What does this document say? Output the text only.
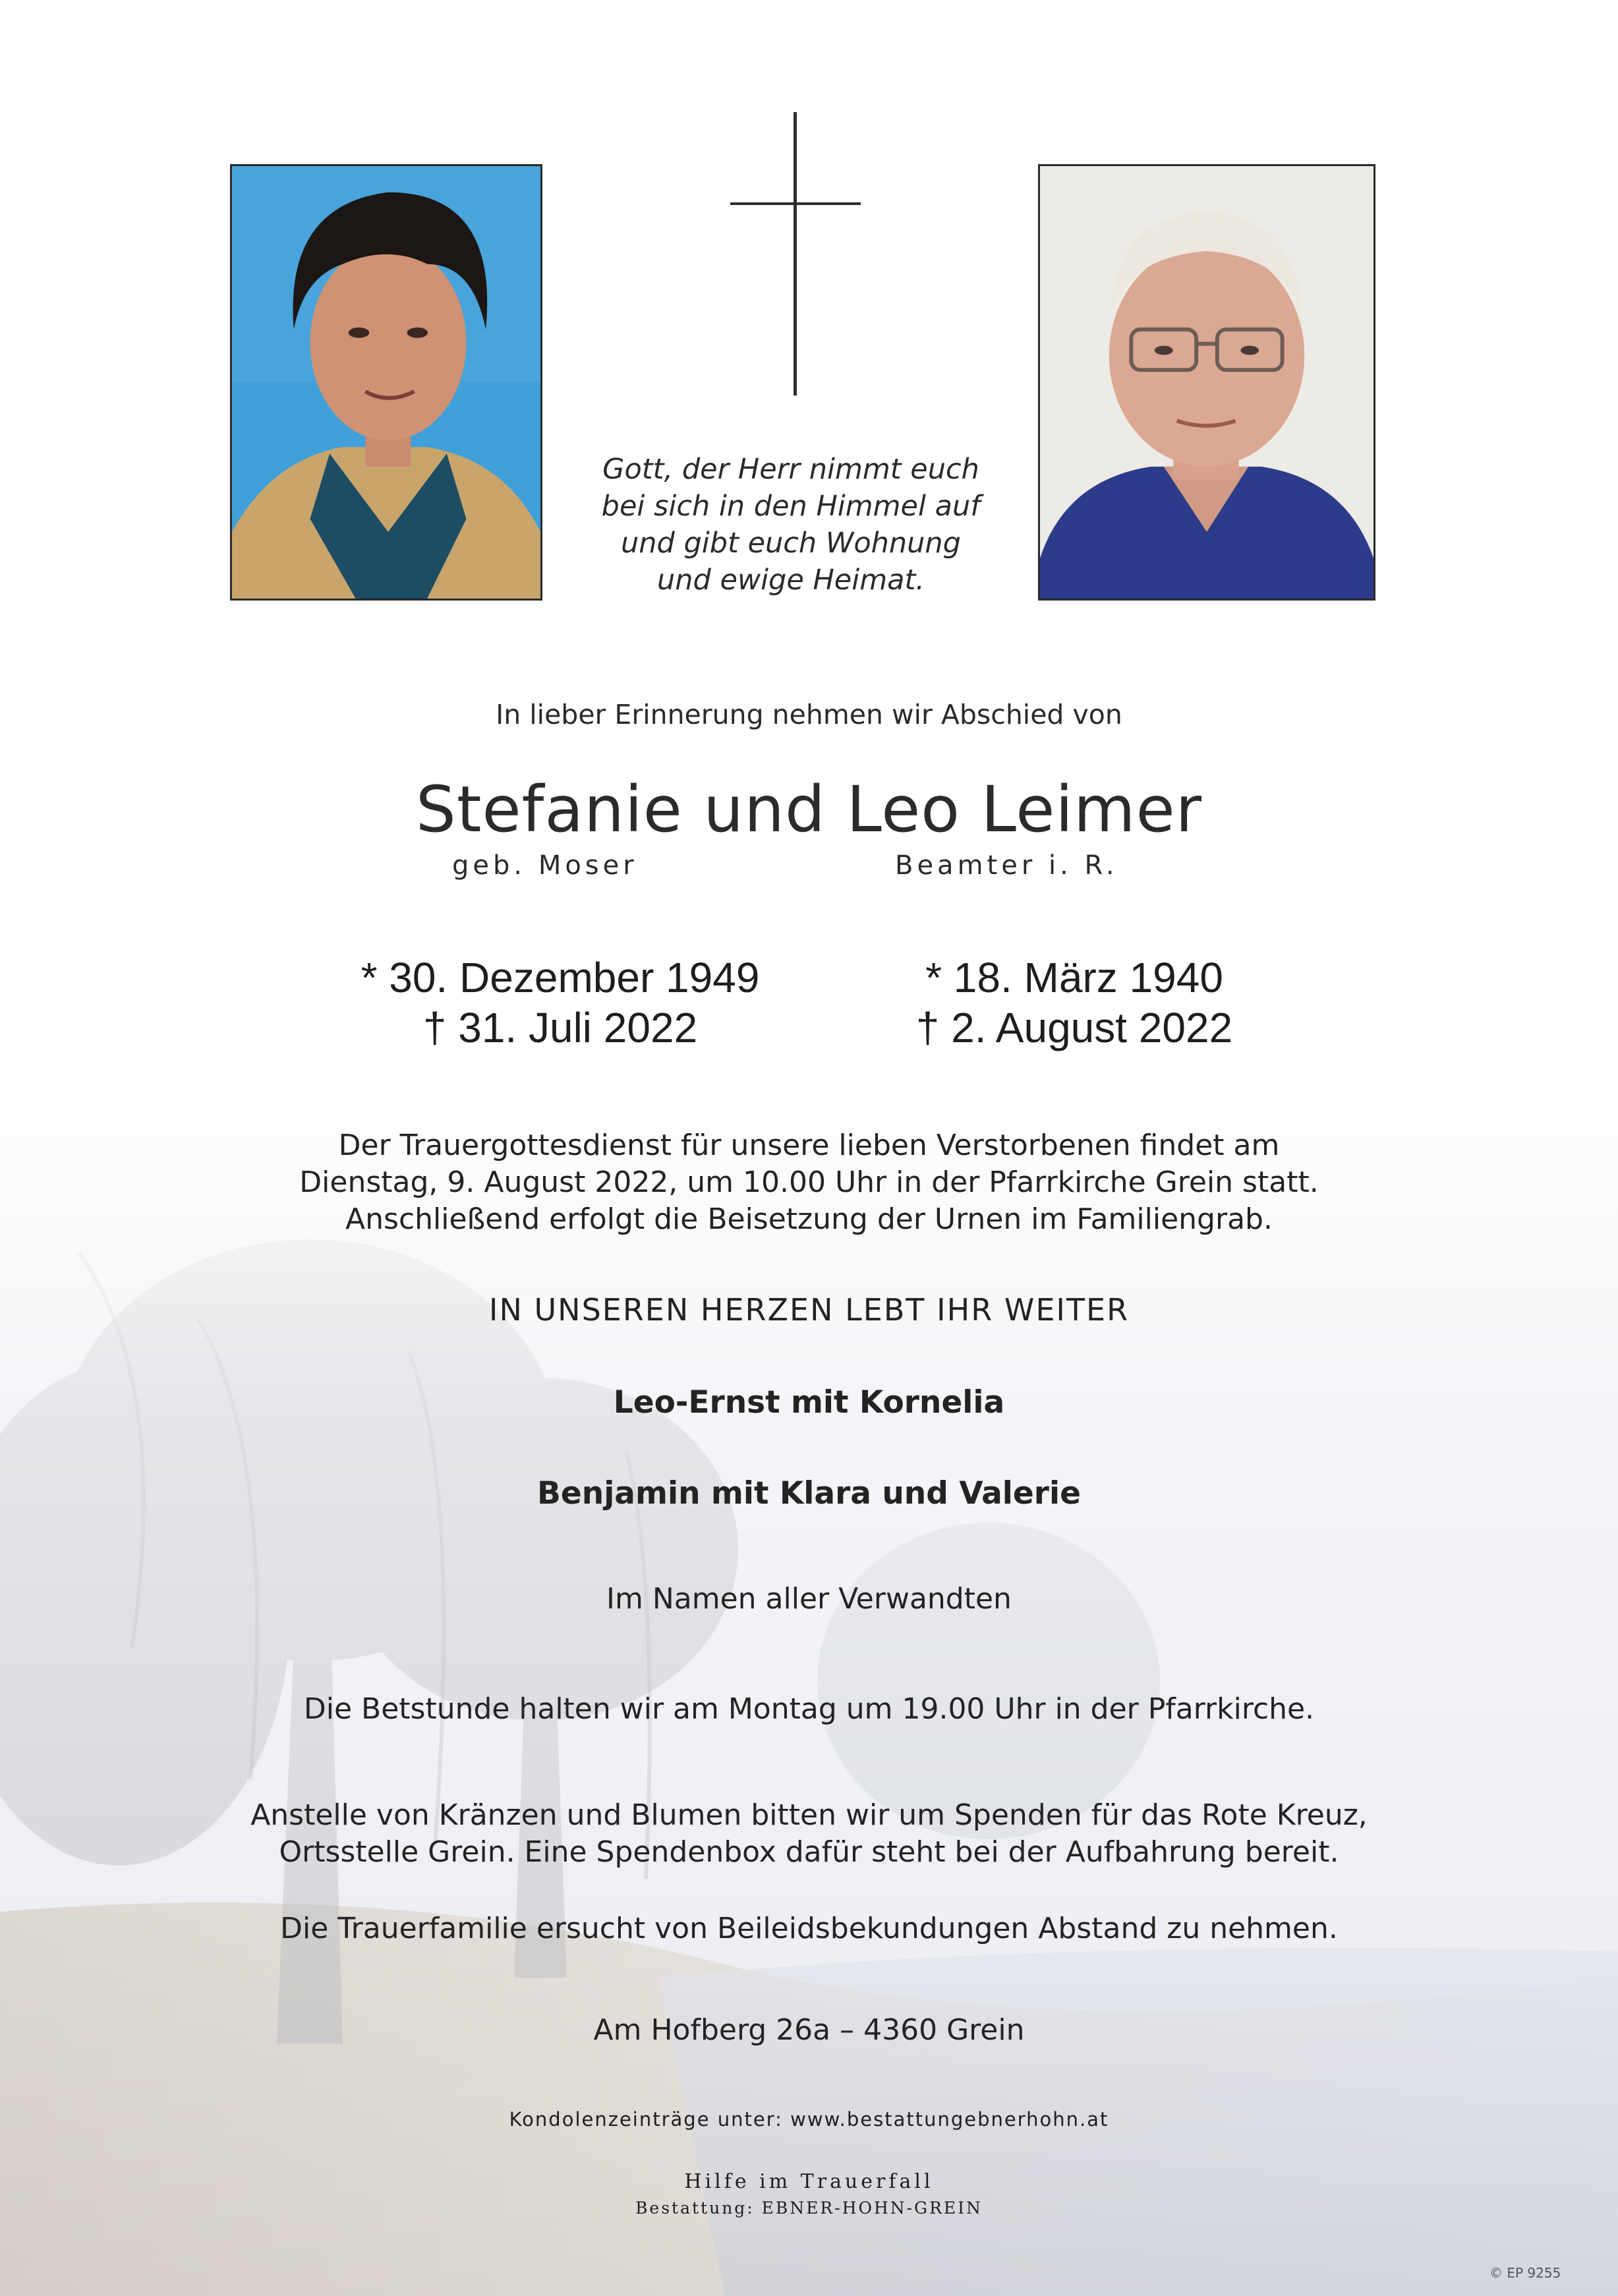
Gott, der Herr nimmt euch
bei sich in den Himmel auf
und gibt euch Wohnung
und ewige Heimat.
In lieber Erinnerung nehmen wir Abschied von
Stefanie und Leo Leimer
geb. Moser	Beamter i. R.
* 30. Dezember 1949
† 31. Juli 2022
* 18. März 1940
† 2. August 2022
Der Trauergottesdienst für unsere lieben Verstorbenen findet am
Dienstag, 9. August 2022, um 10.00 Uhr in der Pfarrkirche Grein statt.
Anschließend erfolgt die Beisetzung der Urnen im Familiengrab.
IN UNSEREN HERZEN LEBT IHR WEITER
Leo-Ernst mit Kornelia
Benjamin mit Klara und Valerie
Im Namen aller Verwandten
Die Betstunde halten wir am Montag um 19.00 Uhr in der Pfarrkirche.
Anstelle von Kränzen und Blumen bitten wir um Spenden für das Rote Kreuz,
Ortsstelle Grein. Eine Spendenbox dafür steht bei der Aufbahrung bereit.
Die Trauerfamilie ersucht von Beileidsbekundungen Abstand zu nehmen.
Am Hofberg 26a – 4360 Grein
Kondolenzeinträge unter: www.bestattungebnerhohn.at
Hilfe im Trauerfall
Bestattung: EBNER-HOHN-GREIN
© EP 9255
